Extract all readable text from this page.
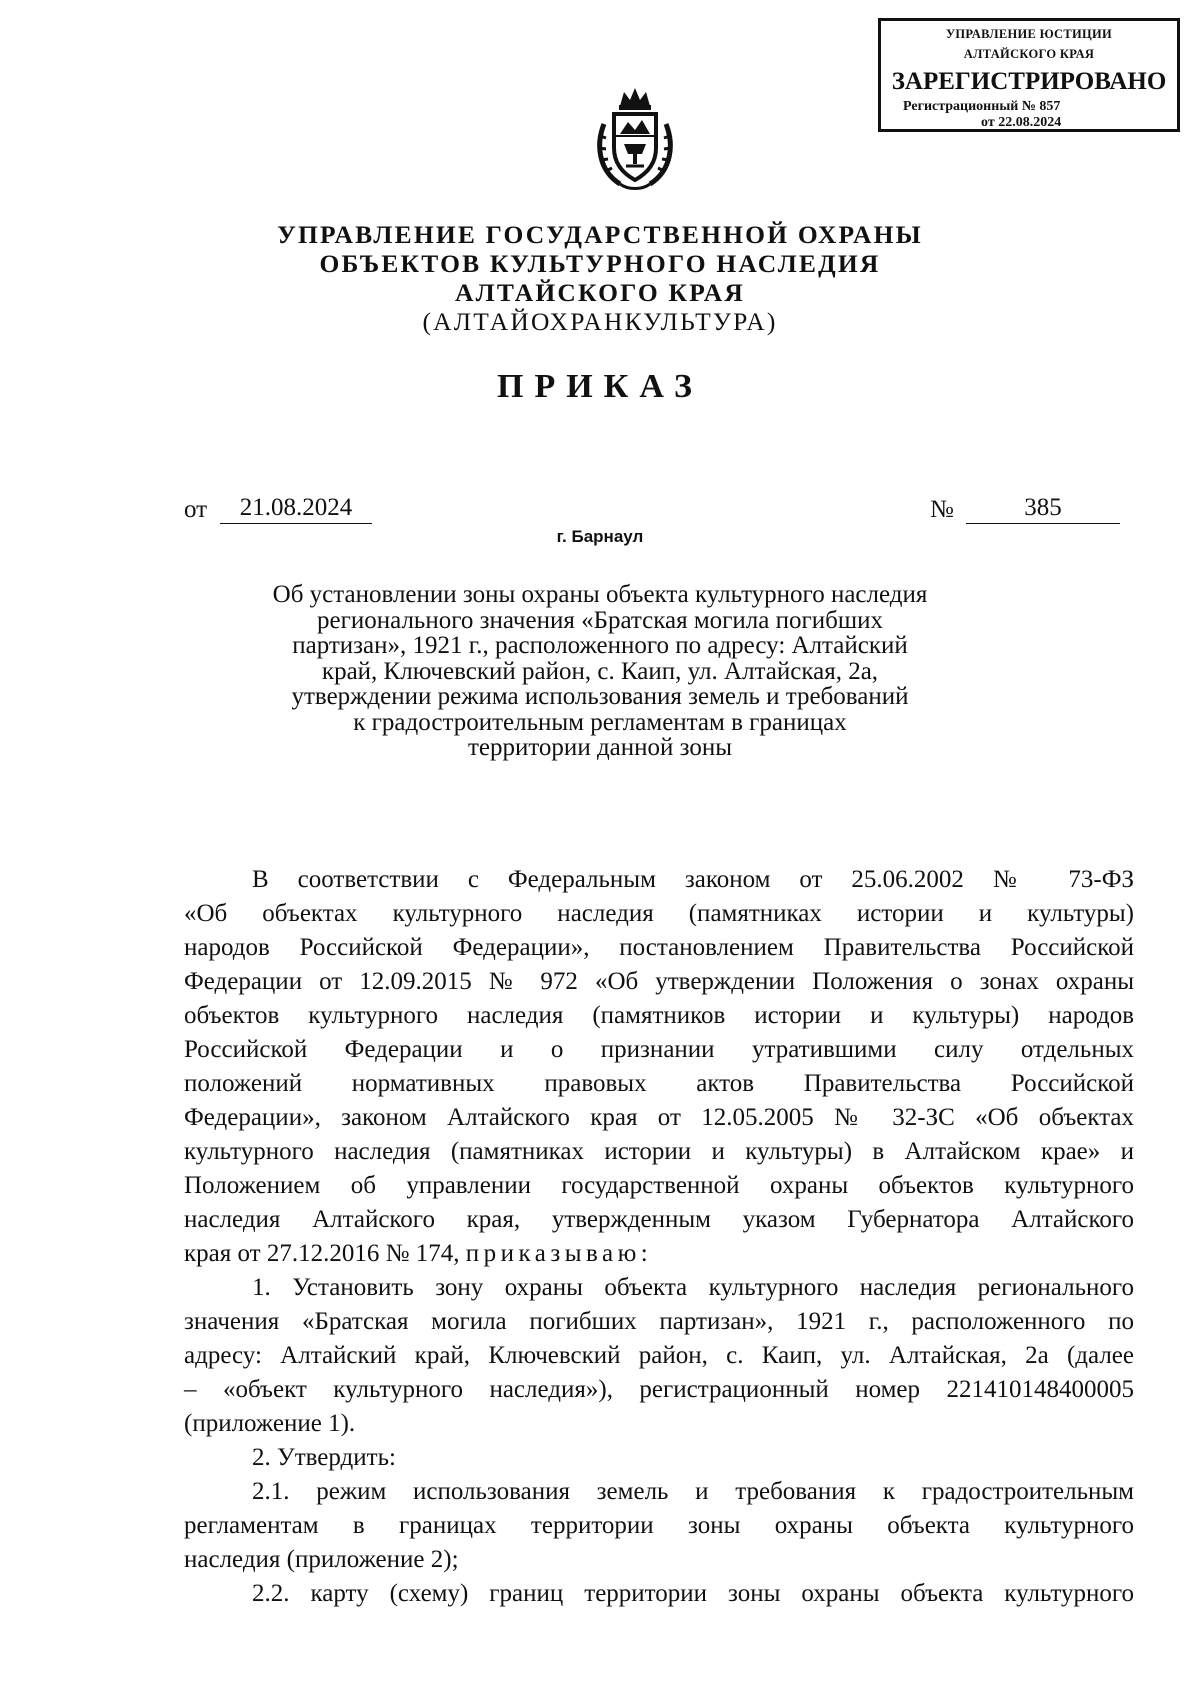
УПРАВЛЕНИЕ ЮСТИЦИИ
АЛТАЙСКОГО КРАЯ
ЗАРЕГИСТРИРОВАНО
Регистрационный № 857
от 22.08.2024
УПРАВЛЕНИЕ ГОСУДАРСТВЕННОЙ ОХРАНЫ
ОБЪЕКТОВ КУЛЬТУРНОГО НАСЛЕДИЯ
АЛТАЙСКОГО КРАЯ
(АЛТАЙОХРАНКУЛЬТУРА)
ПРИКАЗ
от	21.08.2024	№	385
г. Барнаул
Об установлении зоны охраны объекта культурного наследия
регионального значения «Братская могила погибших
партизан», 1921 г., расположенного по адресу: Алтайский
край, Ключевский район, с. Каип, ул. Алтайская, 2а,
утверждении режима использования земель и требований
к градостроительным регламентам в границах
территории данной зоны
В соответствии с Федеральным законом от 25.06.2002 № 73-ФЗ
«Об объектах культурного наследия (памятниках истории и культуры)
народов Российской Федерации», постановлением Правительства Российской
Федерации от 12.09.2015 № 972 «Об утверждении Положения о зонах охраны
объектов культурного наследия (памятников истории и культуры) народов
Российской Федерации и о признании утратившими силу отдельных
положений нормативных правовых актов Правительства Российской
Федерации», законом Алтайского края от 12.05.2005 № 32-ЗС «Об объектах
культурного наследия (памятниках истории и культуры) в Алтайском крае» и
Положением об управлении государственной охраны объектов культурного
наследия Алтайского края, утвержденным указом Губернатора Алтайского
края от 27.12.2016 № 174, приказываю:
1. Установить зону охраны объекта культурного наследия регионального
значения «Братская могила погибших партизан», 1921 г., расположенного по
адресу: Алтайский край, Ключевский район, с. Каип, ул. Алтайская, 2а (далее
– «объект культурного наследия»), регистрационный номер 221410148400005
(приложение 1).
2. Утвердить:
2.1. режим использования земель и требования к градостроительным
регламентам в границах территории зоны охраны объекта культурного
наследия (приложение 2);
2.2. карту (схему) границ территории зоны охраны объекта культурного
